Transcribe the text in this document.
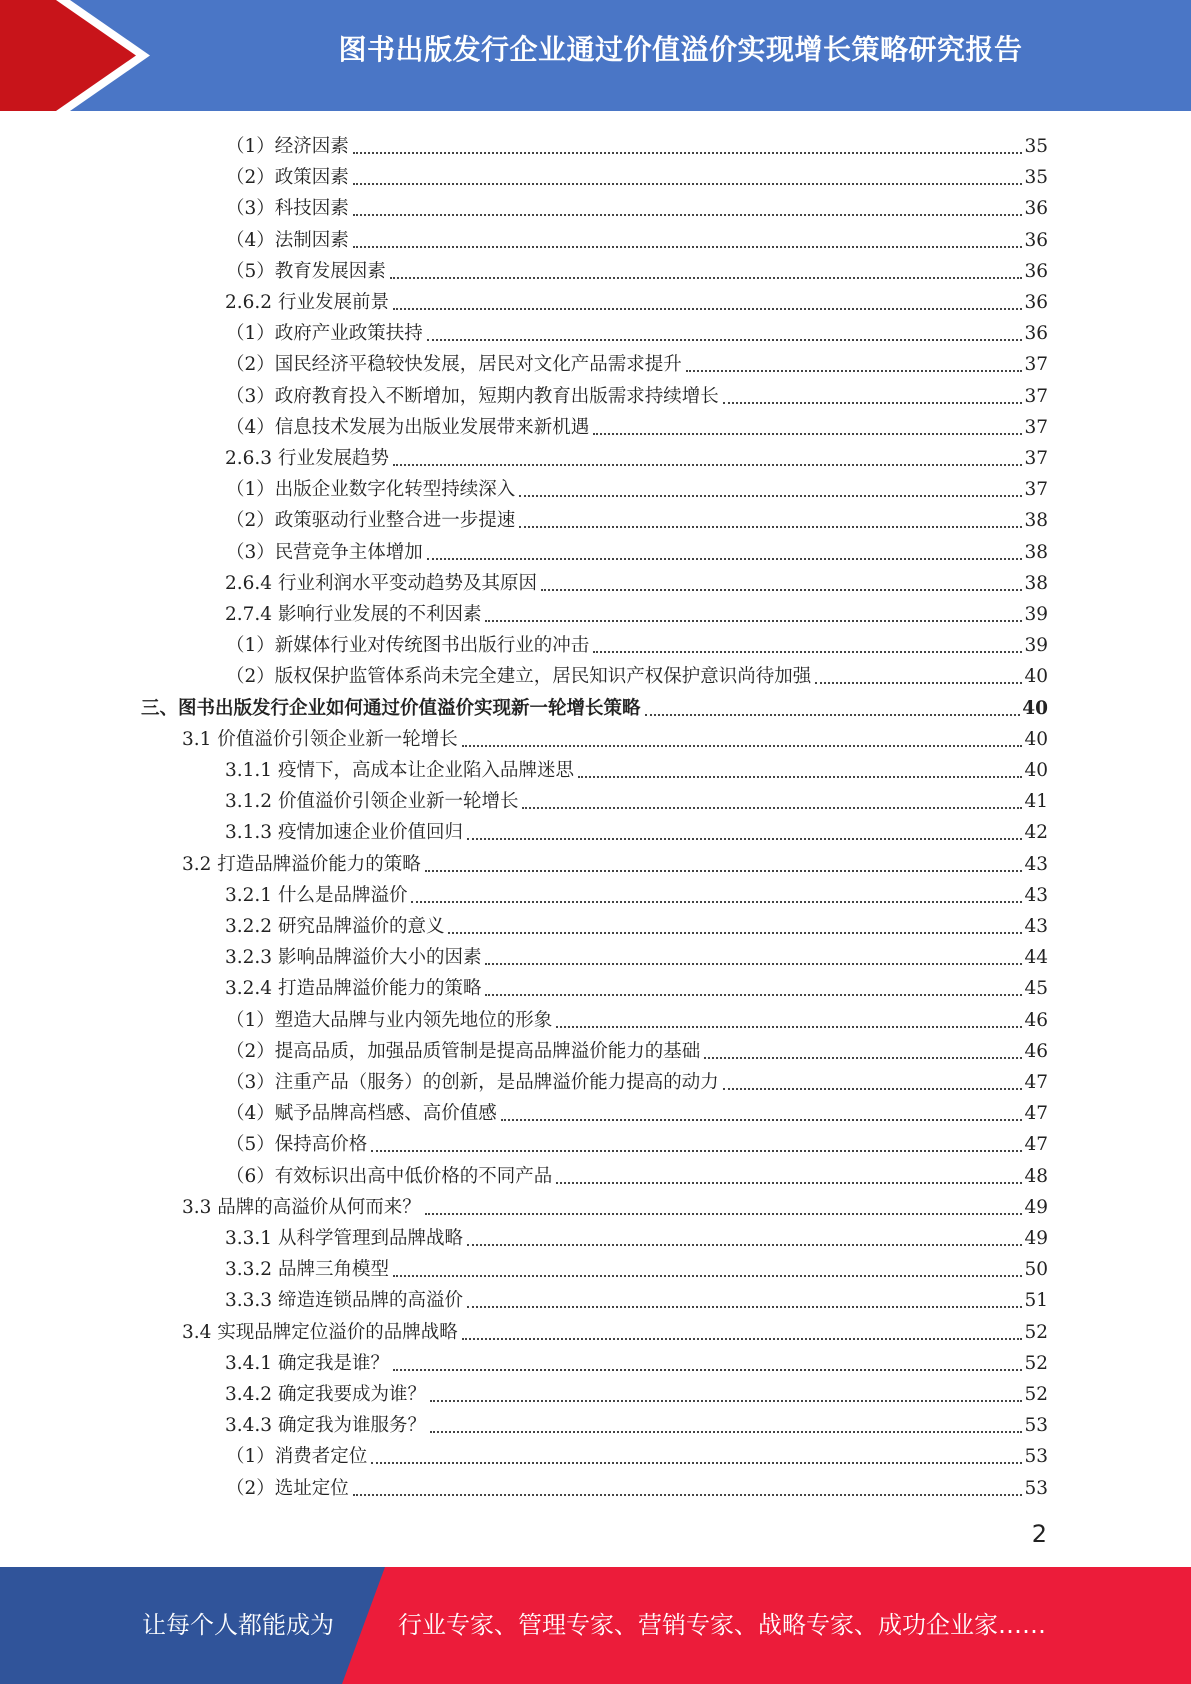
图书出版发行企业通过价值溢价实现增长策略研究报告
（1）经济因素	35
（2）政策因素	35
（3）科技因素	36
（4）法制因素	36
（5）教育发展因素	36
2.6.2 行业发展前景	36
（1）政府产业政策扶持	36
（2）国民经济平稳较快发展，居民对文化产品需求提升	37
（3）政府教育投入不断增加，短期内教育出版需求持续增长	37
（4）信息技术发展为出版业发展带来新机遇	37
2.6.3 行业发展趋势	37
（1）出版企业数字化转型持续深入	37
（2）政策驱动行业整合进一步提速	38
（3）民营竞争主体增加	38
2.6.4 行业利润水平变动趋势及其原因	38
2.7.4 影响行业发展的不利因素	39
（1）新媒体行业对传统图书出版行业的冲击	39
（2）版权保护监管体系尚未完全建立，居民知识产权保护意识尚待加强	40
三、图书出版发行企业如何通过价值溢价实现新一轮增长策略	40
3.1 价值溢价引领企业新一轮增长	40
3.1.1 疫情下，高成本让企业陷入品牌迷思	40
3.1.2 价值溢价引领企业新一轮增长	41
3.1.3 疫情加速企业价值回归	42
3.2 打造品牌溢价能力的策略	43
3.2.1 什么是品牌溢价	43
3.2.2 研究品牌溢价的意义	43
3.2.3 影响品牌溢价大小的因素	44
3.2.4 打造品牌溢价能力的策略	45
（1）塑造大品牌与业内领先地位的形象	46
（2）提高品质，加强品质管制是提高品牌溢价能力的基础	46
（3）注重产品（服务）的创新，是品牌溢价能力提高的动力	47
（4）赋予品牌高档感、高价值感	47
（5）保持高价格	47
（6）有效标识出高中低价格的不同产品	48
3.3 品牌的高溢价从何而来？	49
3.3.1 从科学管理到品牌战略	49
3.3.2 品牌三角模型	50
3.3.3 缔造连锁品牌的高溢价	51
3.4 实现品牌定位溢价的品牌战略	52
3.4.1 确定我是谁？	52
3.4.2 确定我要成为谁？	52
3.4.3 确定我为谁服务？	53
（1）消费者定位	53
（2）选址定位	53
2
让每个人都能成为	行业专家、管理专家、营销专家、战略专家、成功企业家……
